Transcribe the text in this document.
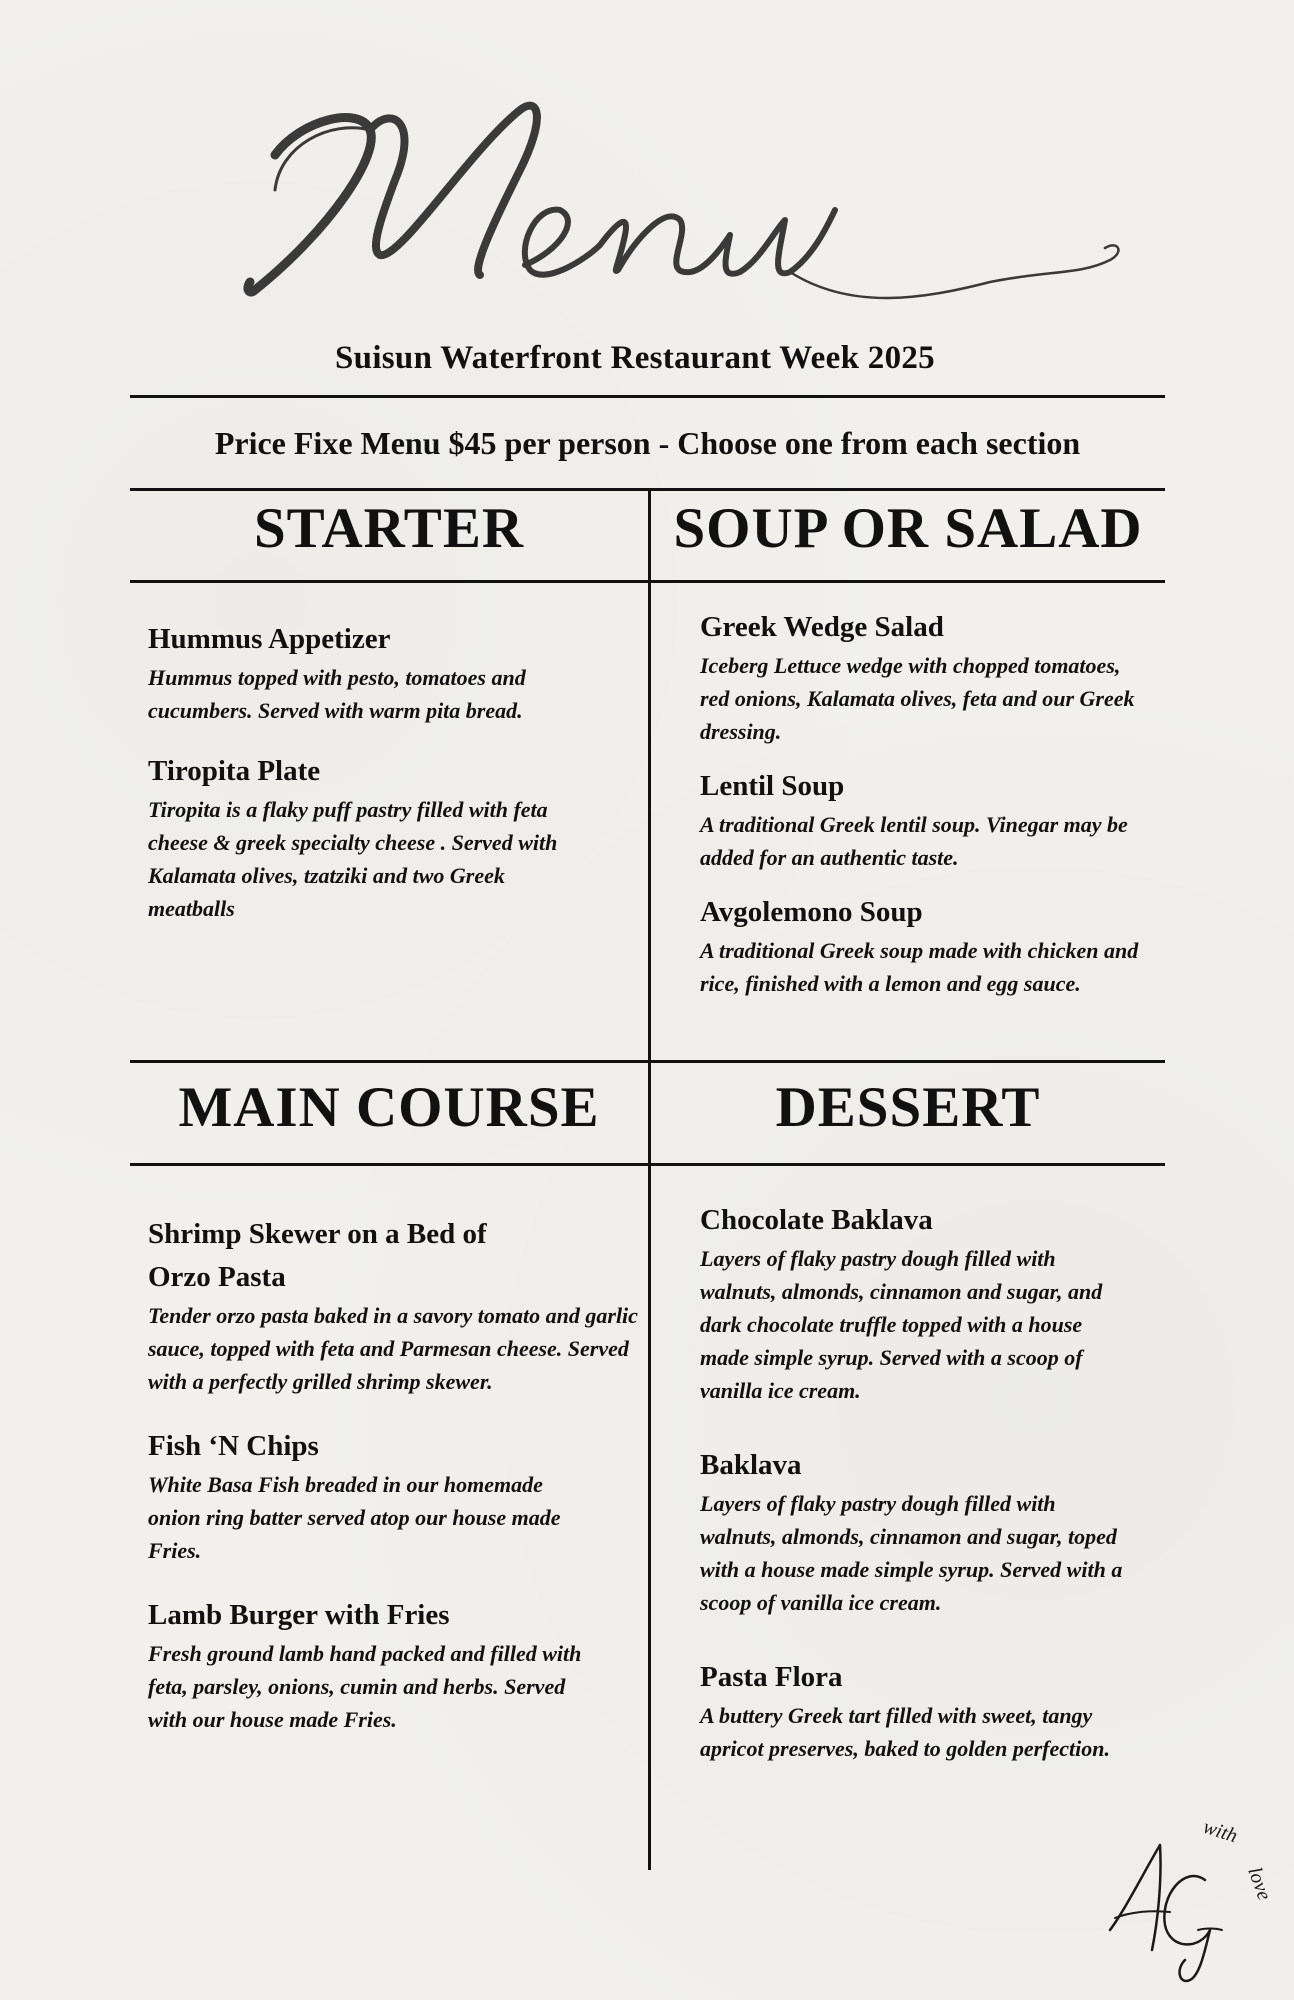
Suisun Waterfront Restaurant Week 2025
Price Fixe Menu $45 per person - Choose one from each section
STARTER	SOUP OR SALAD
MAIN COURSE	DESSERT
Hummus Appetizer
Hummus topped with pesto, tomatoes and cucumbers. Served with warm pita bread.
Tiropita Plate
Tiropita is a flaky puff pastry filled with feta cheese & greek specialty cheese . Served with Kalamata olives, tzatziki and two Greek meatballs
Greek Wedge Salad
Iceberg Lettuce wedge with chopped tomatoes, red onions, Kalamata olives, feta and our Greek dressing.
Lentil Soup
A traditional Greek lentil soup. Vinegar may be added for an authentic taste.
Avgolemono Soup
A traditional Greek soup made with chicken and rice, finished with a lemon and egg sauce.
Shrimp Skewer on a Bed of Orzo Pasta
Tender orzo pasta baked in a savory tomato and garlic sauce, topped with feta and Parmesan cheese. Served with a perfectly grilled shrimp skewer.
Fish ‘N Chips
White Basa Fish breaded in our homemade onion ring batter served atop our house made Fries.
Lamb Burger with Fries
Fresh ground lamb hand packed and filled with feta, parsley, onions, cumin and herbs. Served with our house made Fries.
Chocolate Baklava
Layers of flaky pastry dough filled with walnuts, almonds, cinnamon and sugar, and dark chocolate truffle topped with a house made simple syrup. Served with a scoop of vanilla ice cream.
Baklava
Layers of flaky pastry dough filled with walnuts, almonds, cinnamon and sugar, toped with a house made simple syrup. Served with a scoop of vanilla ice cream.
Pasta Flora
A buttery Greek tart filled with sweet, tangy apricot preserves, baked to golden perfection.
with
love
